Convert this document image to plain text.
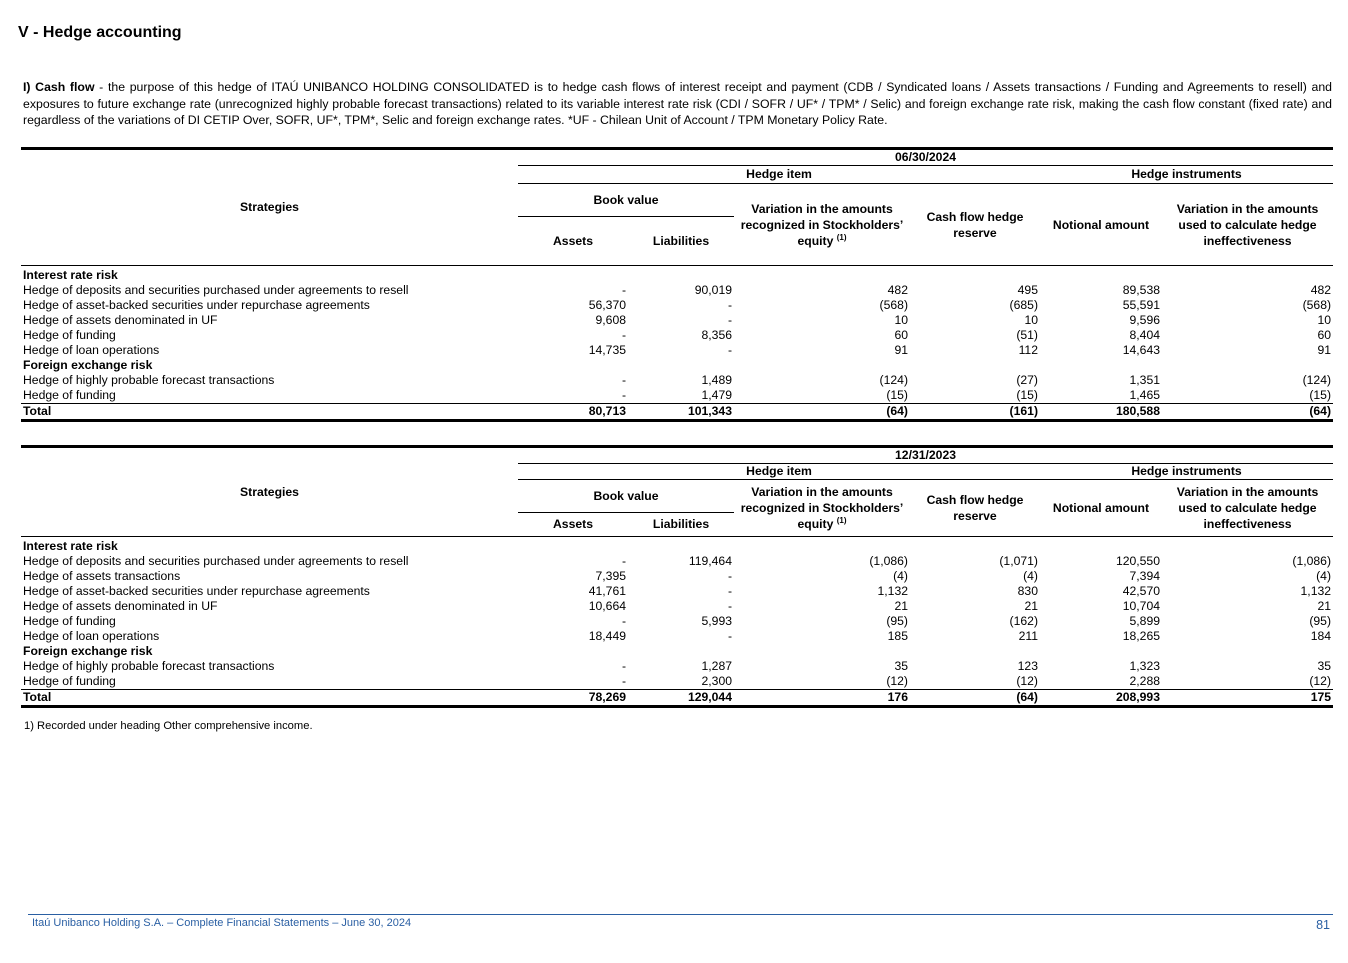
V - Hedge accounting
I) Cash flow - the purpose of this hedge of ITAÚ UNIBANCO HOLDING CONSOLIDATED is to hedge cash flows of interest receipt and payment (CDB / Syndicated loans / Assets transactions / Funding and Agreements to resell) and exposures to future exchange rate (unrecognized highly probable forecast transactions) related to its variable interest rate risk (CDI / SOFR / UF* / TPM* / Selic) and foreign exchange rate risk, making the cash flow constant (fixed rate) and regardless of the variations of DI CETIP Over, SOFR, UF*, TPM*, Selic and foreign exchange rates. *UF - Chilean Unit of Account / TPM Monetary Policy Rate.
Strategies	06/30/2024					
	Hedge item				Hedge instruments	
	Book value		Variation in the amounts recognized in Stockholders’ equity $^{(1)}$	Cash flow hedge reserve	Notional amount	Variation in the amounts used to calculate hedge ineffectiveness
	Assets	Liabilities				

Interest rate risk						
Hedge of deposits and securities purchased under agreements to resell	-	90,019	482	495	89,538	482
Hedge of asset-backed securities under repurchase agreements	56,370	-	(568)	(685)	55,591	(568)
Hedge of assets denominated in UF	9,608	-	10	10	9,596	10
Hedge of funding	-	8,356	60	(51)	8,404	60
Hedge of loan operations	14,735	-	91	112	14,643	91
Foreign exchange risk						
Hedge of highly probable forecast transactions	-	1,489	(124)	(27)	1,351	(124)
Hedge of funding	-	1,479	(15)	(15)	1,465	(15)
Total	80,713	101,343	(64)	(161)	180,588	(64)
Strategies	12/31/2023					
	Hedge item				Hedge instruments	
	Book value		Variation in the amounts recognized in Stockholders’ equity $^{(1)}$	Cash flow hedge reserve	Notional amount	Variation in the amounts used to calculate hedge ineffectiveness
	Assets	Liabilities				

Interest rate risk						
Hedge of deposits and securities purchased under agreements to resell	-	119,464	(1,086)	(1,071)	120,550	(1,086)
Hedge of assets transactions	7,395	-	(4)	(4)	7,394	(4)
Hedge of asset-backed securities under repurchase agreements	41,761	-	1,132	830	42,570	1,132
Hedge of assets denominated in UF	10,664	-	21	21	10,704	21
Hedge of funding	-	5,993	(95)	(162)	5,899	(95)
Hedge of loan operations	18,449	-	185	211	18,265	184
Foreign exchange risk						
Hedge of highly probable forecast transactions	-	1,287	35	123	1,323	35
Hedge of funding	-	2,300	(12)	(12)	2,288	(12)
Total	78,269	129,044	176	(64)	208,993	175
1) Recorded under heading Other comprehensive income.
Itaú Unibanco Holding S.A. – Complete Financial Statements – June 30, 2024	81
